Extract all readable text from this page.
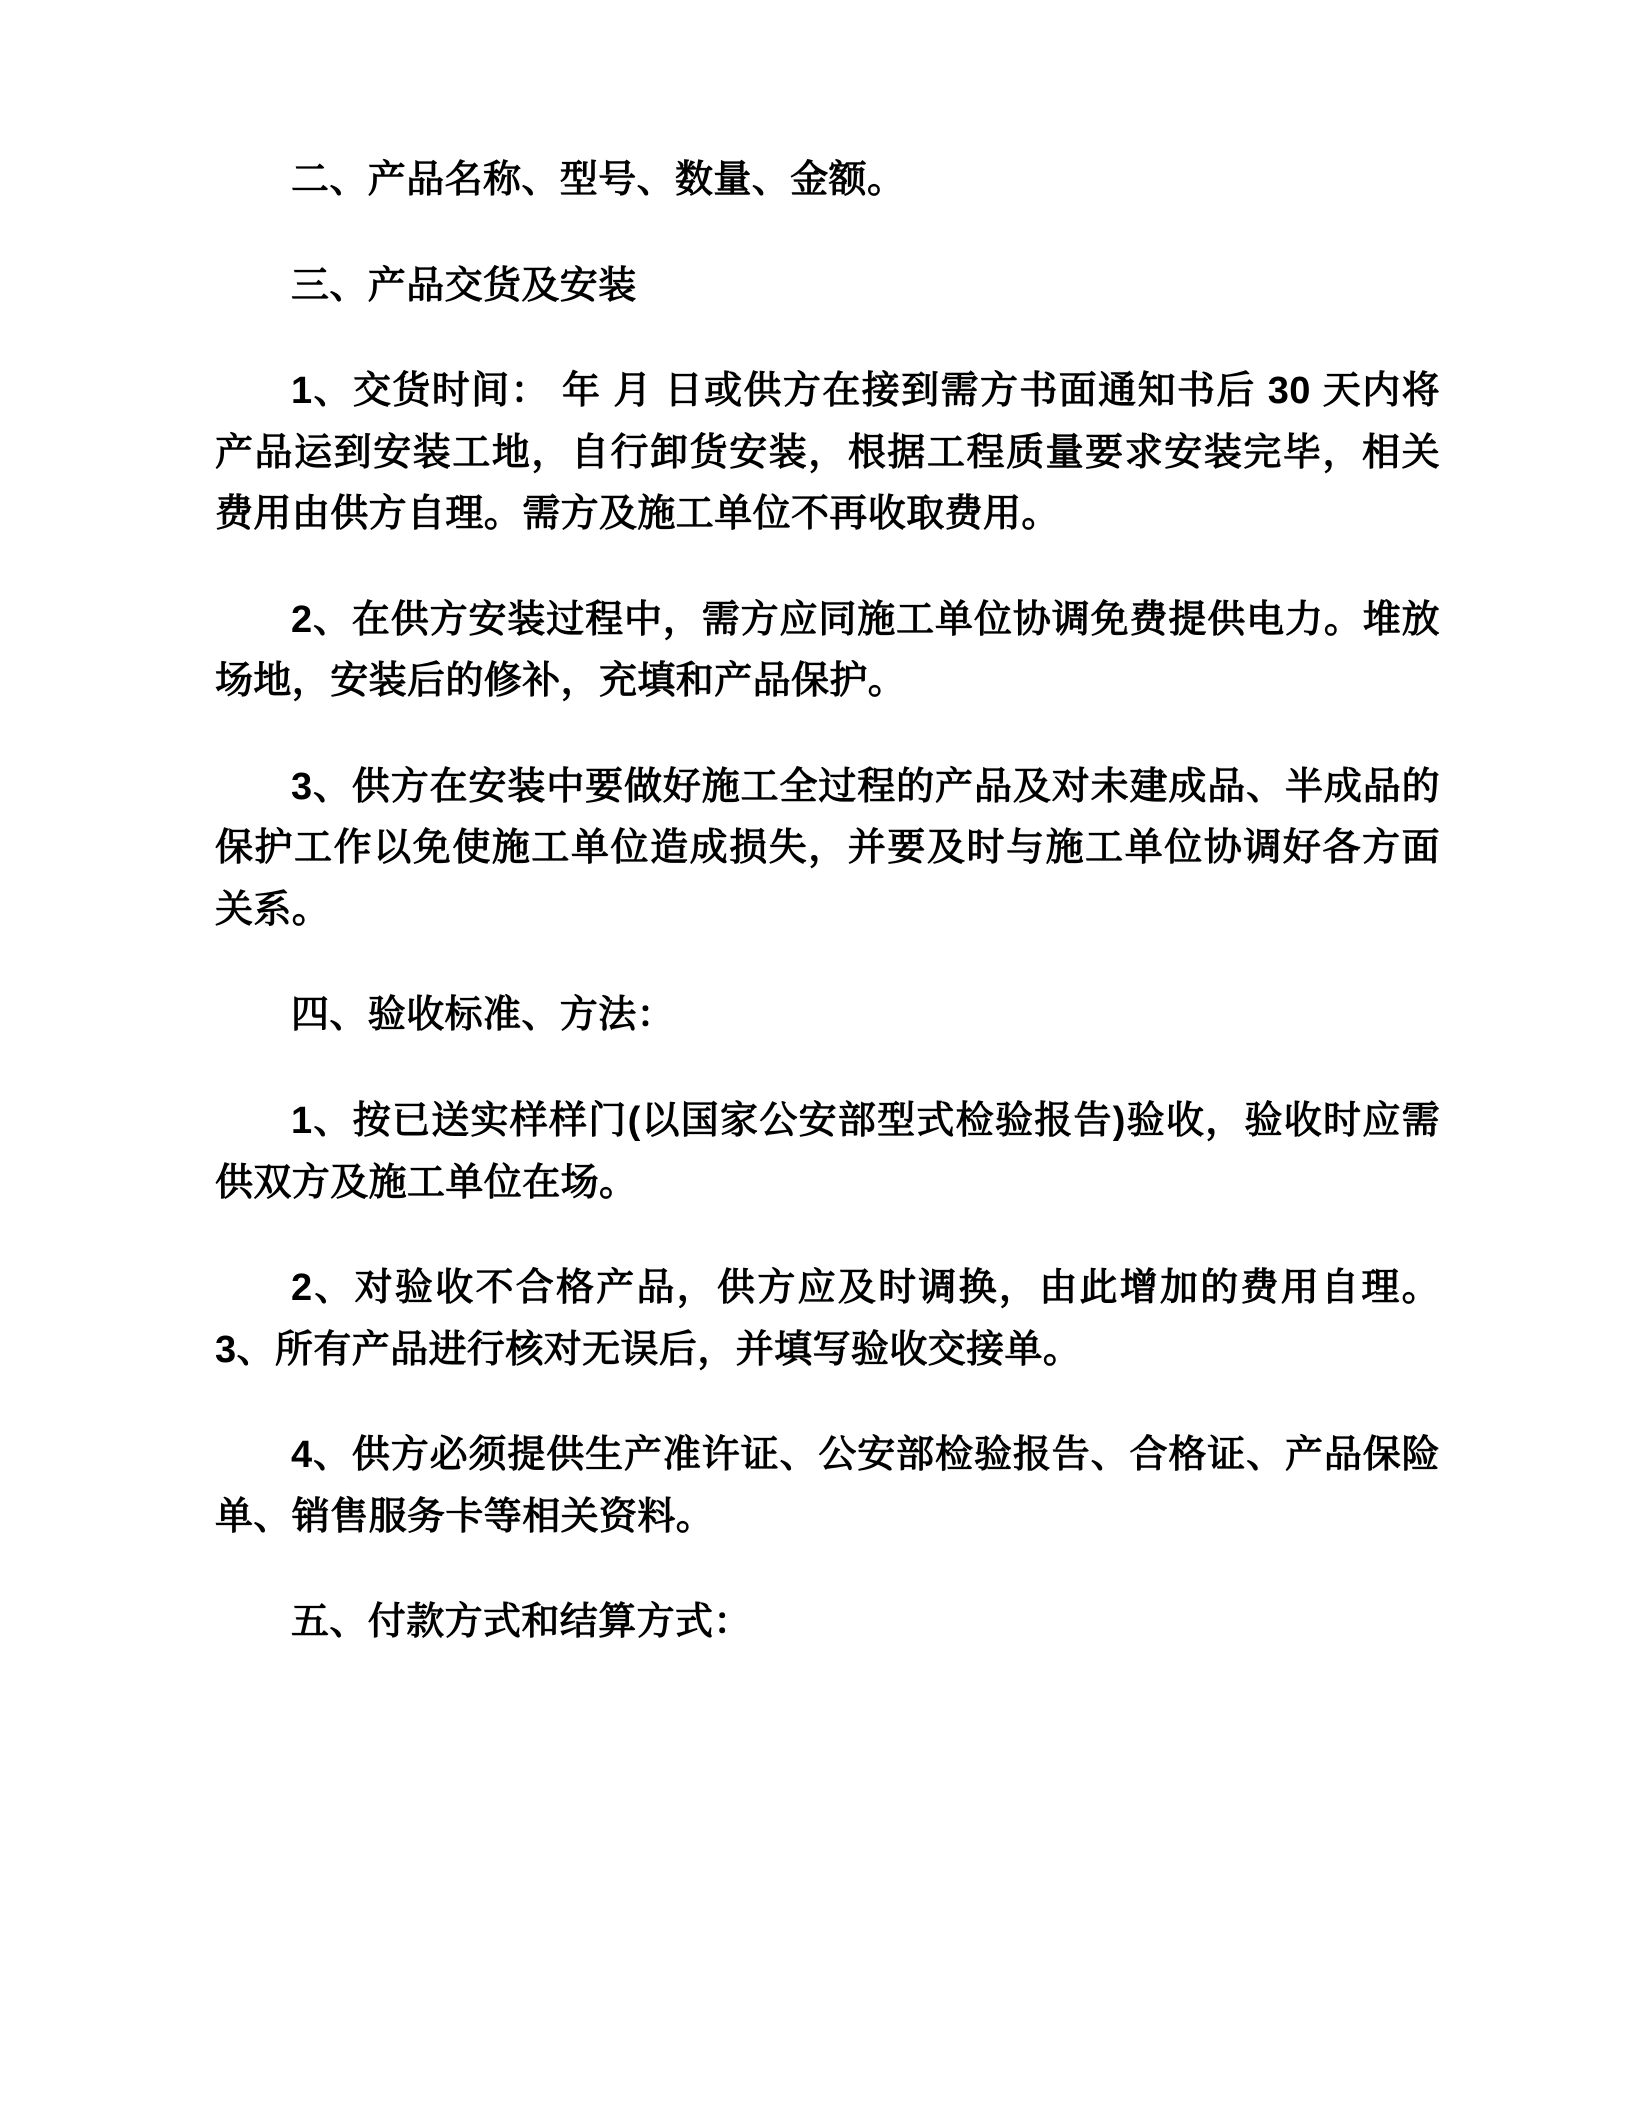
二、产品名称、型号、数量、金额。

三、产品交货及安装

1、交货时间： 年 月 日或供方在接到需方书面通知书后 30 天内将产品运到安装工地，自行卸货安装，根据工程质量要求安装完毕，相关费用由供方自理。需方及施工单位不再收取费用。

2、在供方安装过程中，需方应同施工单位协调免费提供电力。堆放场地，安装后的修补，充填和产品保护。

3、供方在安装中要做好施工全过程的产品及对未建成品、半成品的保护工作以免使施工单位造成损失，并要及时与施工单位协调好各方面关系。

四、验收标准、方法：

1、按已送实样样门(以国家公安部型式检验报告)验收，验收时应需供双方及施工单位在场。

2、对验收不合格产品，供方应及时调换，由此增加的费用自理。3、所有产品进行核对无误后，并填写验收交接单。

4、供方必须提供生产准许证、公安部检验报告、合格证、产品保险单、销售服务卡等相关资料。

五、付款方式和结算方式：
